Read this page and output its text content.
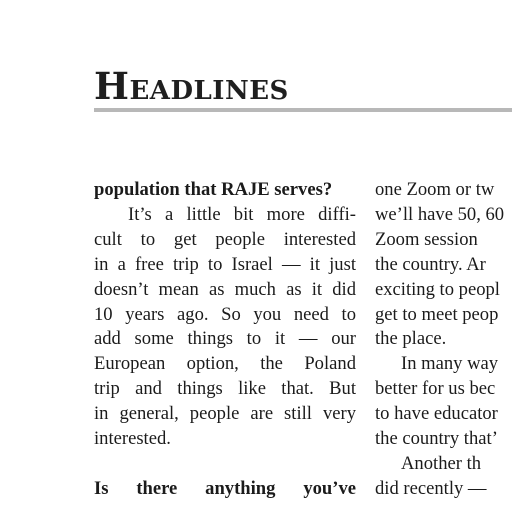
Headlines

population that RAJE serves?

It’s a little bit more diffi-

cult to get people interested

in a free trip to Israel — it just

doesn’t mean as much as it did

10 years ago. So you need to

add some things to it — our

European option, the Poland

trip and things like that. But

in general, people are still very

interested.

Is there anything you’ve

one Zoom or tw

we’ll have 50, 60

Zoom session

the country. Ar

exciting to peopl

get to meet peop

the place.

In many way

better for us bec

to have educator

the country that’

Another th

did recently —
